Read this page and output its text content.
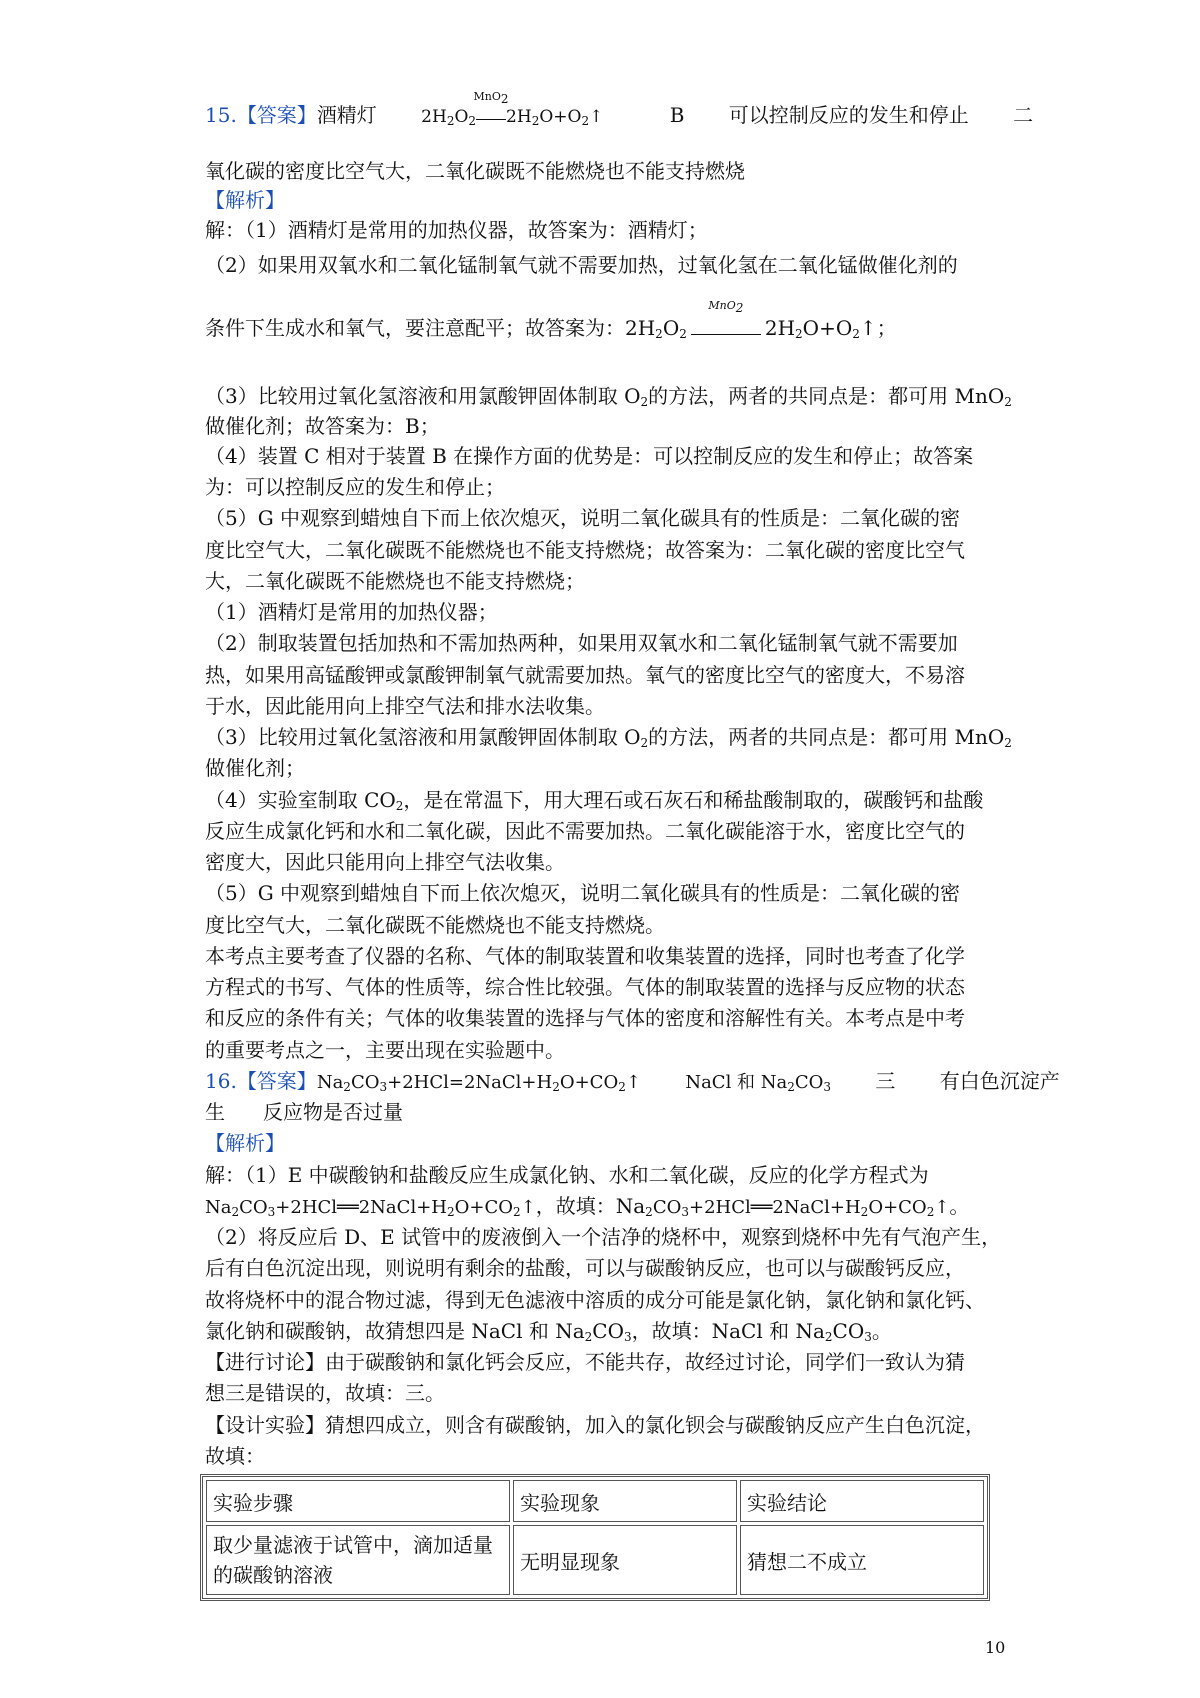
15.【答案】酒精灯	$2H_2O_2$
MnO$_2$
$2H_2O+O_2↑$	B 可以控制反应的发生和停止 二
氧化碳的密度比空气大，二氧化碳既不能燃烧也不能支持燃烧
【解析】
解：（1）酒精灯是常用的加热仪器，故答案为：酒精灯；
（2）如果用双氧水和二氧化锰制氧气就不需要加热，过氧化氢在二氧化锰做催化剂的
条件下生成水和氧气，要注意配平；故答案为：$2H_2O_2$
MnO$_2$
$2H_2O+O_2↑$；
（3）比较用过氧化氢溶液和用氯酸钾固体制取 $O_2$的方法，两者的共同点是：都可用 MnO$_2$
做催化剂；故答案为：B；
（4）装置 C 相对于装置 B 在操作方面的优势是：可以控制反应的发生和停止；故答案
为：可以控制反应的发生和停止；
（5）G 中观察到蜡烛自下而上依次熄灭，说明二氧化碳具有的性质是：二氧化碳的密
度比空气大，二氧化碳既不能燃烧也不能支持燃烧；故答案为：二氧化碳的密度比空气
大，二氧化碳既不能燃烧也不能支持燃烧；
（1）酒精灯是常用的加热仪器；
（2）制取装置包括加热和不需加热两种，如果用双氧水和二氧化锰制氧气就不需要加
热，如果用高锰酸钾或氯酸钾制氧气就需要加热。氧气的密度比空气的密度大，不易溶
于水，因此能用向上排空气法和排水法收集。
（3）比较用过氧化氢溶液和用氯酸钾固体制取 $O_2$的方法，两者的共同点是：都可用 MnO$_2$
做催化剂；
（4）实验室制取 $CO_2$，是在常温下，用大理石或石灰石和稀盐酸制取的，碳酸钙和盐酸
反应生成氯化钙和水和二氧化碳，因此不需要加热。二氧化碳能溶于水，密度比空气的
密度大，因此只能用向上排空气法收集。
（5）G 中观察到蜡烛自下而上依次熄灭，说明二氧化碳具有的性质是：二氧化碳的密
度比空气大，二氧化碳既不能燃烧也不能支持燃烧。
本考点主要考查了仪器的名称、气体的制取装置和收集装置的选择，同时也考查了化学
方程式的书写、气体的性质等，综合性比较强。气体的制取装置的选择与反应物的状态
和反应的条件有关；气体的收集装置的选择与气体的密度和溶解性有关。本考点是中考
的重要考点之一，主要出现在实验题中。
16.【答案】$Na_2CO_3+2HCl=2NaCl+H_2O+CO_2↑$ NaCl 和 $Na_2CO_3$ 三 有白色沉淀产
生 反应物是否过量
【解析】
解：（1）E 中碳酸钠和盐酸反应生成氯化钠、水和二氧化碳，反应的化学方程式为
$Na_2CO_3+2HCl══2NaCl+H_2O+CO_2↑$，故填：$Na_2CO_3+2HCl══2NaCl+H_2O+CO_2↑$。
（2）将反应后 D、E 试管中的废液倒入一个洁净的烧杯中，观察到烧杯中先有气泡产生，
后有白色沉淀出现，则说明有剩余的盐酸，可以与碳酸钠反应，也可以与碳酸钙反应，
故将烧杯中的混合物过滤，得到无色滤液中溶质的成分可能是氯化钠，氯化钠和氯化钙、
氯化钠和碳酸钠，故猜想四是 NaCl 和 $Na_2CO_3$，故填：NaCl 和 $Na_2CO_3$。
【进行讨论】由于碳酸钠和氯化钙会反应，不能共存，故经过讨论，同学们一致认为猜
想三是错误的，故填：三。
【设计实验】猜想四成立，则含有碳酸钠，加入的氯化钡会与碳酸钠反应产生白色沉淀，
故填：
实验步骤	实验现象	实验结论
取少量滤液于试管中，滴加适量
的碳酸钠溶液	无明显现象	猜想二不成立
10
